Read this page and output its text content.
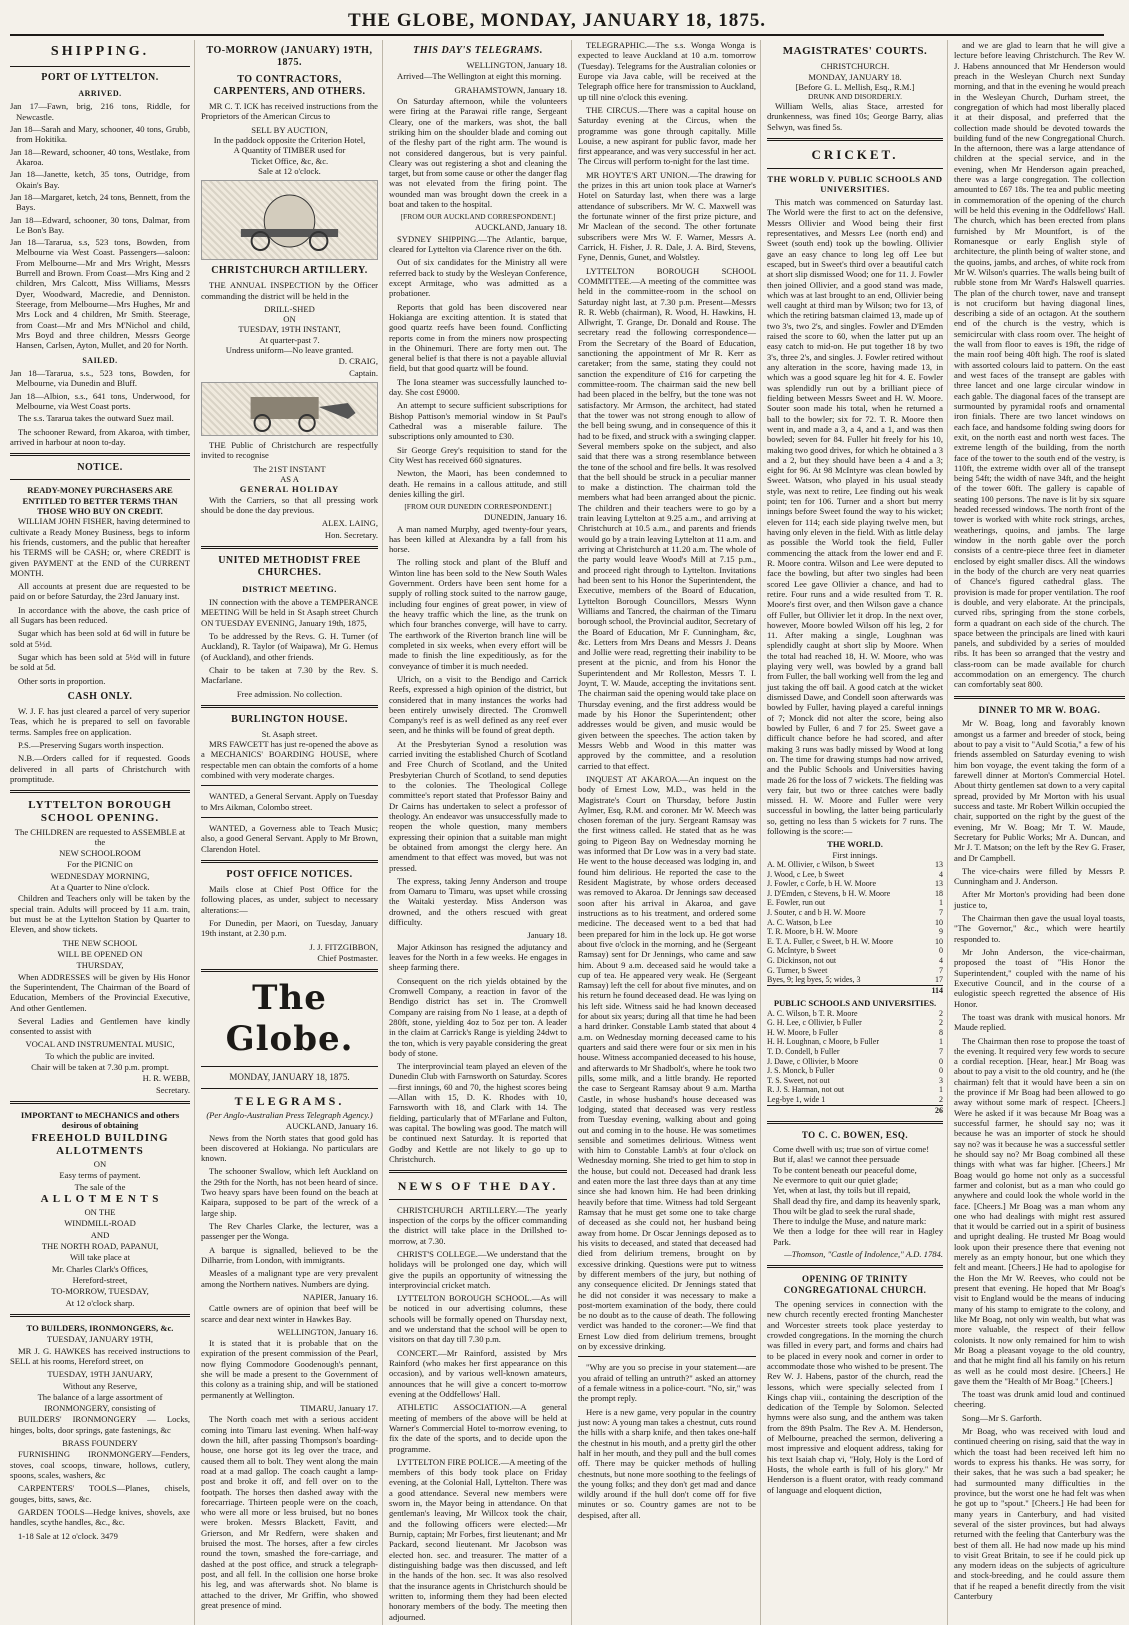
THE GLOBE, MONDAY, JANUARY 18, 1875.
SHIPPING.
PORT OF LYTTELTON.
ARRIVED.
Jan 17—Fawn, brig, 216 tons, Riddle, for Newcastle.
Jan 18—Sarah and Mary, schooner, 40 tons, Grubb, from Hokitika.
Jan 18—Reward, schooner, 40 tons, Westlake, from Akaroa.
Jan 18—Janette, ketch, 35 tons, Outridge, from Okain's Bay.
Jan 18—Margaret, ketch, 24 tons, Bennett, from the Bays.
Jan 18—Edward, schooner, 30 tons, Dalmar, from Le Bon's Bay.
Jan 18—Tararua, s.s, 523 tons, Bowden, from Melbourne via West Coast. Passengers—saloon: From Melbourne—Mr and Mrs Wright, Messrs Burrell and Brown. From Coast—Mrs King and 2 children, Mrs Calcott, Miss Williams, Messrs Dyer, Woodward, Macredie, and Denniston. Steerage, from Melbourne—Mrs Hughes, Mr and Mrs Lock and 4 children, Mr Smith. Steerage, from Coast—Mr and Mrs M'Nichol and child, Mrs Boyd and three children, Messrs George Hansen, Carlsen, Ayton, Mullet, and 20 for North.
SAILED.
Jan 18—Tararua, s.s., 523 tons, Bowden, for Melbourne, via Dunedin and Bluff.
Jan 18—Albion, s.s., 641 tons, Underwood, for Melbourne, via West Coast ports.
The s.s. Tararua takes the outward Suez mail.
The schooner Reward, from Akaroa, with timber, arrived in harbour at noon to-day.
NOTICE.
READY-MONEY PURCHASERS ARE ENTITLED TO BETTER TERMS THAN THOSE WHO BUY ON CREDIT.
WILLIAM JOHN FISHER, having determined to cultivate a Ready Money Business, begs to inform his friends, customers, and the public that hereafter his TERMS will be CASH; or, where CREDIT is given PAYMENT at the END of the CURRENT MONTH.
All accounts at present due are requested to be paid on or before Saturday, the 23rd January inst.
In accordance with the above, the cash price of all Sugars has been reduced.
Sugar which has been sold at 6d will in future be sold at 5½d.
Sugar which has been sold at 5½d will in future be sold at 5d.
Other sorts in proportion.
CASH ONLY.
W. J. F. has just cleared a parcel of very superior Teas, which he is prepared to sell on favorable terms. Samples free on application.
P.S.—Preserving Sugars worth inspection.
N.B.—Orders called for if requested. Goods delivered in all parts of Christchurch with promptitude.
LYTTELTON BOROUGH SCHOOL OPENING.
The CHILDREN are requested to ASSEMBLE at the
NEW SCHOOLROOM
For the PICNIC on
WEDNESDAY MORNING,
At a Quarter to Nine o'clock.
Children and Teachers only will be taken by the special train. Adults will proceed by 11 a.m. train, but must be at the Lyttelton Station by Quarter to Eleven, and show tickets.
THE NEW SCHOOL
WILL BE OPENED ON
THURSDAY,
When ADDRESSES will be given by His Honor the Superintendent, The Chairman of the Board of Education, Members of the Provincial Executive, And other Gentlemen.
Several Ladies and Gentlemen have kindly consented to assist with
VOCAL AND INSTRUMENTAL MUSIC,
To which the public are invited.
Chair will be taken at 7.30 p.m. prompt.
H. R. WEBB,
Secretary.
IMPORTANT to MECHANICS and others desirous of obtaining
FREEHOLD BUILDING ALLOTMENTS
ON
Easy terms of payment.
The sale of the
A L L O T M E N T S
ON THE
WINDMILL-ROAD
AND
THE NORTH ROAD, PAPANUI,
Will take place at
Mr. Charles Clark's Offices,
Hereford-street,
TO-MORROW, TUESDAY,
At 12 o'clock sharp.
TO BUILDERS, IRONMONGERS, &c.
TUESDAY, JANUARY 19TH,
MR J. G. HAWKES has received instructions to SELL at his rooms, Hereford street, on
TUESDAY, 19TH JANUARY,
Without any Reserve,
The balance of a large assortment of
IRONMONGERY, consisting of
BUILDERS' IRONMONGERY — Locks, hinges, bolts, door springs, gate fastenings, &c
BRASS FOUNDERY
FURNISHING IRONMONGERY—Fenders, stoves, coal scoops, tinware, hollows, cutlery, spoons, scales, washers, &c
CARPENTERS' TOOLS—Planes, chisels, gouges, bitts, saws, &c.
GARDEN TOOLS—Hedge knives, shovels, axe handles, scythe handles, &c., &c.
1-18 Sale at 12 o'clock. 3479
TO-MORROW (JANUARY) 19TH, 1875.
TO CONTRACTORS, CARPENTERS, AND OTHERS.
MR C. T. ICK has received instructions from the Proprietors of the American Circus to
SELL BY AUCTION,
In the paddock opposite the Criterion Hotel,
A Quantity of TIMBER used for
Ticket Office, &c, &c.
Sale at 12 o'clock.
CHRISTCHURCH ARTILLERY.
THE ANNUAL INSPECTION by the Officer commanding the district will be held in the
DRILL-SHED
ON
TUESDAY, 19TH INSTANT,
At quarter-past 7.
Undress uniform—No leave granted.
D. CRAIG,
Captain.
THE Public of Christchurch are respectfully invited to recognise
The 21ST INSTANT
AS A
GENERAL HOLIDAY
With the Carriers, so that all pressing work should be done the day previous.
ALEX. LAING,
Hon. Secretary.
UNITED METHODIST FREE CHURCHES.
DISTRICT MEETING.
IN connection with the above a TEMPERANCE MEETING Will be held in St Asaph street Church ON TUESDAY EVENING, January 19th, 1875,
To be addressed by the Revs. G. H. Turner (of Auckland), R. Taylor (of Waipawa), Mr G. Hemus (of Auckland), and other friends.
Chair to be taken at 7.30 by the Rev. S. Macfarlane.
Free admission. No collection.
BURLINGTON HOUSE.
St. Asaph street.
MRS FAWCETT has just re-opened the above as a MECHANICS' BOARDING HOUSE, where respectable men can obtain the comforts of a home combined with very moderate charges.
WANTED, a General Servant. Apply on Tuesday to Mrs Aikman, Colombo street.
WANTED, a Governess able to Teach Music; also, a good General Servant. Apply to Mr Brown, Clarendon Hotel.
POST OFFICE NOTICES.
Mails close at Chief Post Office for the following places, as under, subject to necessary alterations:—
For Dunedin, per Maori, on Tuesday, January 19th instant, at 2.30 p.m.
J. J. FITZGIBBON,
Chief Postmaster.
The Globe.
MONDAY, JANUARY 18, 1875.
TELEGRAMS.
(Per Anglo-Australian Press Telegraph Agency.)
AUCKLAND, January 16.
News from the North states that good gold has been discovered at Hokianga. No particulars are known.
The schooner Swallow, which left Auckland on the 29th for the North, has not been heard of since. Two heavy spars have been found on the beach at Kaipara, supposed to be part of the wreck of a large ship.
The Rev Charles Clarke, the lecturer, was a passenger per the Wonga.
A barque is signalled, believed to be the Dilharrie, from London, with immigrants.
Measles of a malignant type are very prevalent among the Northern natives. Numbers are dying.
NAPIER, January 16.
Cattle owners are of opinion that beef will be scarce and dear next winter in Hawkes Bay.
WELLINGTON, January 16.
It is stated that it is probable that on the expiration of the present commission of the Pearl, now flying Commodore Goodenough's pennant, she will be made a present to the Government of this colony as a training ship, and will be stationed permanently at Wellington.
TIMARU, January 17.
The North coach met with a serious accident coming into Timaru last evening. When half-way down the hill, after passing Thompson's boarding-house, one horse got its leg over the trace, and caused them all to bolt. They went along the main road at a mad gallop. The coach caught a lamp-post and broke it off, and fell over on to the footpath. The horses then dashed away with the forecarriage. Thirteen people were on the coach, who were all more or less bruised, but no bones were broken. Messrs Blackett, Favitt, and Grierson, and Mr Redfern, were shaken and bruised the most. The horses, after a few circles round the town, smashed the fore-carriage, and dashed at the post office, and struck a telegraph-post, and all fell. In the collision one horse broke his leg, and was afterwards shot. No blame is attached to the driver, Mr Griffin, who showed great presence of mind.
THIS DAY'S TELEGRAMS.
WELLINGTON, January 18.
Arrived—The Wellington at eight this morning.
GRAHAMSTOWN, January 18.
On Saturday afternoon, while the volunteers were firing at the Parawai rifle range, Sergeant Cleary, one of the markers, was shot, the ball striking him on the shoulder blade and coming out of the fleshy part of the right arm. The wound is not considered dangerous, but is very painful. Cleary was out registering a shot and cleaning the target, but from some cause or other the danger flag was not elevated from the firing point. The wounded man was brought down the creek in a boat and taken to the hospital.
[FROM OUR AUCKLAND CORRESPONDENT.]
AUCKLAND, January 18.
SYDNEY SHIPPING.—The Atlantic, barque, cleared for Lyttelton via Clarence river on the 6th.
Out of six candidates for the Ministry all were referred back to study by the Wesleyan Conference, except Armitage, who was admitted as a probationer.
Reports that gold has been discovered near Hokianga are exciting attention. It is stated that good quartz reefs have been found. Conflicting reports come in from the miners now prospecting in the Ohinemuri. There are forty men out. The general belief is that there is not a payable alluvial field, but that good quartz will be found.
The Iona steamer was successfully launched to-day. She cost £9000.
An attempt to secure sufficient subscriptions for Bishop Pattison's memorial window in St Paul's Cathedral was a miserable failure. The subscriptions only amounted to £30.
Sir George Grey's requisition to stand for the City West has received 660 signatures.
Newton, the Maori, has been condemned to death. He remains in a callous attitude, and still denies killing the girl.
[FROM OUR DUNEDIN CORRESPONDENT.]
DUNEDIN, January 16.
A man named Murphy, aged twenty-four years, has been killed at Alexandra by a fall from his horse.
The rolling stock and plant of the Bluff and Winton line has been sold to the New South Wales Government. Orders have been sent home for a supply of rolling stock suited to the narrow gauge, including four engines of great power, in view of the heavy traffic which the line, as the trunk on which four branches converge, will have to carry. The earthwork of the Riverton branch line will be completed in six weeks, when every effort will be made to finish the line expeditiously, as for the conveyance of timber it is much needed.
Ulrich, on a visit to the Bendigo and Carrick Reefs, expressed a high opinion of the district, but considered that in many instances the works had been entirely unwisely directed. The Cromwell Company's reef is as well defined as any reef ever seen, and he thinks will be found of great depth.
At the Presbyterian Synod a resolution was carried inviting the established Church of Scotland and Free Church of Scotland, and the United Presbyterian Church of Scotland, to send deputies to the colonies. The Theological College committee's report stated that Professor Bainy and Dr Cairns has undertaken to select a professor of theology. An endeavor was unsuccessfully made to reopen the whole question, many members expressing their opinion that a suitable man might be obtained from amongst the clergy here. An amendment to that effect was moved, but was not pressed.
The express, taking Jenny Anderson and troupe from Oamaru to Timaru, was upset while crossing the Waitaki yesterday. Miss Anderson was drowned, and the others rescued with great difficulty.
January 18.
Major Atkinson has resigned the adjutancy and leaves for the North in a few weeks. He engages in sheep farming there.
Consequent on the rich yields obtained by the Cromwell Company, a reaction in favor of the Bendigo district has set in. The Cromwell Company are raising from No 1 lease, at a depth of 280ft, stone, yielding 4oz to 5oz per ton. A leader in the claim at Carrick's Range is yielding 24dwt to the ton, which is very payable considering the great body of stone.
The interprovincial team played an eleven of the Dunedin Club with Farnsworth on Saturday. Scores—first innings, 60 and 70, the highest scores being—Allan with 15, D. K. Rhodes with 10, Farnsworth with 18, and Clark with 14. The fielding, particularly that of M'Farlane and Fulton, was capital. The bowling was good. The match will be continued next Saturday. It is reported that Godby and Kettle are not likely to go up to Christchurch.
NEWS OF THE DAY.
CHRISTCHURCH ARTILLERY.—The yearly inspection of the corps by the officer commanding the district will take place in the Drillshed to-morrow, at 7.30.
CHRIST'S COLLEGE.—We understand that the holidays will be prolonged one day, which will give the pupils an opportunity of witnessing the interprovincial cricket match.
LYTTELTON BOROUGH SCHOOL.—As will be noticed in our advertising columns, these schools will be formally opened on Thursday next, and we understand that the school will be open to visitors on that day till 7.30 p.m.
CONCERT.—Mr Rainford, assisted by Mrs Rainford (who makes her first appearance on this occasion), and by various well-known amateurs, announces that he will give a concert to-morrow evening at the Oddfellows' Hall.
ATHLETIC ASSOCIATION.—A general meeting of members of the above will be held at Warner's Commercial Hotel to-morrow evening, to fix the date of the sports, and to decide upon the programme.
LYTTELTON FIRE POLICE.—A meeting of the members of this body took place on Friday evening, at the Colonial Hall, Lyttelton. There was a good attendance. Several new members were sworn in, the Mayor being in attendance. On that gentleman's leaving, Mr Willcox took the chair, and the following officers were elected:—Mr Burnip, captain; Mr Forbes, first lieutenant; and Mr Packard, second lieutenant. Mr Jacobson was elected hon. sec. and treasurer. The matter of a distinguishing badge was then discussed, and left in the hands of the hon. sec. It was also resolved that the insurance agents in Christchurch should be written to, informing them they had been elected honorary members of the body. The meeting then adjourned.
TELEGRAPHIC.—The s.s. Wonga Wonga is expected to leave Auckland at 10 a.m. tomorrow (Tuesday). Telegrams for the Australian colonies or Europe via Java cable, will be received at the Telegraph office here for transmission to Auckland, up till nine o'clock this evening.
THE CIRCUS.—There was a capital house on Saturday evening at the Circus, when the programme was gone through capitally. Mille Louise, a new aspirant for public favor, made her first appearance, and was very successful in her act. The Circus will perform to-night for the last time.
MR HOYTE'S ART UNION.—The drawing for the prizes in this art union took place at Warner's Hotel on Saturday last, when there was a large attendance of subscribers. Mr W. C. Maxwell was the fortunate winner of the first prize picture, and Mr Maclean of the second. The other fortunate subscribers were Mrs W. F. Warner, Messrs A. Carrick, H. Fisher, J. R. Dale, J. A. Bird, Stevens, Fyne, Dennis, Gunet, and Wolstley.
LYTTELTON BOROUGH SCHOOL COMMITTEE.—A meeting of the committee was held in the committee-room in the school on Saturday night last, at 7.30 p.m. Present—Messrs R. R. Webb (chairman), R. Wood, H. Hawkins, H. Allwright, T. Grange, Dr. Donald and Rouse. The secretary read the following correspondence—From the Secretary of the Board of Education, sanctioning the appointment of Mr R. Kerr as caretaker; from the same, stating they could not sanction the expenditure of £16 for carpeting the committee-room. The chairman said the new bell had been placed in the belfry, but the tone was not satisfactory. Mr Armson, the architect, had stated that the tower was not strong enough to allow of the bell being swung, and in consequence of this it had to be fixed, and struck with a swinging clapper. Several members spoke on the subject, and also said that there was a strong resemblance between the tone of the school and fire bells. It was resolved that the bell should be struck in a peculiar manner to make a distinction. The chairman told the members what had been arranged about the picnic. The children and their teachers were to go by a train leaving Lyttelton at 9.25 a.m., and arriving at Christchurch at 10.5 a.m., and parents and friends would go by a train leaving Lyttelton at 11 a.m. and arriving at Christchurch at 11.20 a.m. The whole of the party would leave Wood's Mill at 7.15 p.m., and proceed right through to Lyttelton. Invitations had been sent to his Honor the Superintendent, the Executive, members of the Board of Education, Lyttelton Borough Councillors, Messrs Wynn Williams and Tancred, the chairman of the Timaru borough school, the Provincial auditor, Secretary of the Board of Education, Mr F. Cunningham, &c, &c. Letters from Mrs Deans and Messrs J. Deans and Jollie were read, regretting their inability to be present at the picnic, and from his Honor the Superintendent and Mr Rolleston, Messrs T. I. Joynt, T. W. Maude, accepting the invitations sent. The chairman said the opening would take place on Thursday evening, and the first address would be made by his Honor the Superintendent; other addresses would be given, and music would be given between the speeches. The action taken by Messrs Webb and Wood in this matter was approved by the committee, and a resolution carried to that effect.
INQUEST AT AKAROA.—An inquest on the body of Ernest Low, M.D., was held in the Magistrate's Court on Thursday, before Justin Aylmer, Esq, R.M. and coroner. Mr W. Meech was chosen foreman of the jury. Sergeant Ramsay was the first witness called. He stated that as he was going to Pigeon Bay on Wednesday morning he was informed that Dr Low was in a very bad state. He went to the house deceased was lodging in, and found him delirious. He reported the case to the Resident Magistrate, by whose orders deceased was removed to Akaroa. Dr Jennings saw deceased soon after his arrival in Akaroa, and gave instructions as to his treatment, and ordered some medicine. The deceased went to a bed that had been prepared for him in the lock up. He got worse about five o'clock in the morning, and he (Sergeant Ramsay) sent for Dr Jennings, who came and saw him. About 9 a.m. deceased said he would take a cup of tea. He appeared very weak. He (Sergeant Ramsay) left the cell for about five minutes, and on his return he found deceased dead. He was lying on his left side. Witness said he had known deceased for about six years; during all that time he had been a hard drinker. Constable Lamb stated that about 4 a.m. on Wednesday morning deceased came to his quarters and said there were four or six men in his house. Witness accompanied deceased to his house, and afterwards to Mr Shadbolt's, where he took two pills, some milk, and a little brandy. He reported the case to Sergeant Ramsay about 9 a.m. Martha Castle, in whose husband's house deceased was lodging, stated that deceased was very restless from Tuesday evening, walking about and going out and coming in to the house. He was sometimes sensible and sometimes delirious. Witness went with him to Constable Lamb's at four o'clock on Wednesday morning. She tried to get him to stop in the house, but could not. Deceased had drank less and eaten more the last three days than at any time since she had known him. He had been drinking heavily before that time. Witness had told Sergeant Ramsay that he must get some one to take charge of deceased as she could not, her husband being away from home. Dr Oscar Jennings deposed as to his visits to deceased, and stated that deceased had died from delirium tremens, brought on by excessive drinking. Questions were put to witness by different members of the jury, but nothing of any consequence elicited. Dr Jennings stated that he did not consider it was necessary to make a post-mortem examination of the body, there could be no doubt as to the cause of death. The following verdict was handed to the coroner:—We find that Ernest Low died from delirium tremens, brought on by excessive drinking.
"Why are you so precise in your statement—are you afraid of telling an untruth?" asked an attorney of a female witness in a police-court. "No, sir," was the prompt reply.
Here is a new game, very popular in the country just now: A young man takes a chestnut, cuts round the hills with a sharp knife, and then takes one-half the chestnut in his mouth, and a pretty girl the other half in her mouth, and they pull and the bull comes off. There may be quicker methods of hulling chestnuts, but none more soothing to the feelings of the young folks; and they don't get mad and dance wildly around if the hull don't come off for five minutes or so. Country games are not to be despised, after all.
MAGISTRATES' COURTS.
CHRISTCHURCH.
MONDAY, JANUARY 18.
[Before G. L. Mellish, Esq., R.M.]
DRUNK AND DISORDERLY.
William Wells, alias Stace, arrested for drunkenness, was fined 10s; George Barry, alias Selwyn, was fined 5s.
CRICKET.
THE WORLD V. PUBLIC SCHOOLS AND UNIVERSITIES.
This match was commenced on Saturday last. The World were the first to act on the defensive, Messrs Ollivier and Wood being their first representatives, and Messrs Lee (north end) and Sweet (south end) took up the bowling. Ollivier gave an easy chance to long leg off Lee but escaped, but in Sweet's third over a beautiful catch at short slip dismissed Wood; one for 11. J. Fowler then joined Ollivier, and a good stand was made, which was at last brought to an end, Ollivier being well caught at third man by Wilson; two for 13, of which the retiring batsman claimed 13, made up of two 3's, two 2's, and singles. Fowler and D'Emden raised the score to 60, when the latter put up an easy catch to mid-on. He put together 18 by two 3's, three 2's, and singles. J. Fowler retired without any alteration in the score, having made 13, in which was a good square leg hit for 4. E. Fowler was splendidly run out by a brilliant piece of fielding between Messrs Sweet and H. W. Moore. Souter soon made his total, when he returned a ball to the bowler; six for 72. T. R. Moore then went in, and made a 3, a 4, and a 1, and was then bowled; seven for 84. Fuller hit freely for his 10, making two good drives, for which he obtained a 3 and a 2, but they should have been a 4 and a 3; eight for 96. At 98 McIntyre was clean bowled by Sweet. Watson, who played in his usual steady style, was next to retire, Lee finding out his weak point; ten for 106. Turner and a short but merry innings before Sweet found the way to his wicket; eleven for 114; each side playing twelve men, but having only eleven in the field. With as little delay as possible the World took the field, Fuller commencing the attack from the lower end and F. R. Moore contra. Wilson and Lee were deputed to face the bowling, but after two singles had been scored Lee gave Ollivier a chance, and had to retire. Four runs and a wide resulted from T. R. Moore's first over, and then Wilson gave a chance off Fuller, but Ollivier let it drop. In the next over, however, Moore bowled Wilson off his leg, 2 for 11. After making a single, Loughnan was splendidly caught at short slip by Moore. When the total had reached 18, H. W. Moore, who was playing very well, was bowled by a grand ball from Fuller, the ball working well from the leg and just taking the off bail. A good catch at the wicket dismissed Dawe, and Condell soon afterwards was bowled by Fuller, having played a careful innings of 7; Monck did not alter the score, being also bowled by Fuller, 6 and 7 for 25. Sweet gave a difficult chance before he had scored, and after making 3 runs was badly missed by Wood at long on. The time for drawing stumps had now arrived, and the Public Schools and Universities having made 26 for the loss of 7 wickets. The fielding was very fair, but two or three catches were badly missed. H. W. Moore and Fuller were very successful in bowling, the latter being particularly so, getting no less than 5 wickets for 7 runs. The following is the score:—
THE WORLD.
First innings.
A. M. Ollivier, c Wilson, b Sweet	13
J. Wood, c Lee, b Sweet	4
J. Fowler, c Corfe, b H. W. Moore	13
J. D'Emden, c Stevens, b H. W. Moore	18
E. Fowler, run out	1
J. Souter, c and b H. W. Moore	7
A. C. Watson, b Lee	10
T. R. Moore, b H. W. Moore	9
E. T. A. Fuller, c Sweet, b H. W. Moore	10
G. McIntyre, b Sweet	0
G. Dickinson, not out	4
G. Turner, b Sweet	7
Byes, 9; leg byes, 5; wides, 3	17
	114
PUBLIC SCHOOLS AND UNIVERSITIES.
A. C. Wilson, b T. R. Moore	2
G. H. Lee, c Ollivier, b Fuller	2
H. W. Moore, b Fuller	8
H. H. Loughnan, c Moore, b Fuller	1
T. D. Condell, b Fuller	7
J. Dawe, c Ollivier, b Moore	0
J. S. Monck, b Fuller	0
T. S. Sweet, not out	3
R. J. S. Harman, not out	1
Leg-bye 1, wide 1	2
	26
TO C. C. BOWEN, ESQ.

Come dwell with us; true son of virtue come!

But if, alas! we cannot thee persuade

To be content beneath our peaceful dome,

Ne evermore to quit our quiet glade;

Yet, when at last, thy toils but ill repaid,

Shall dead thy fire, and damp its heavenly spark,

Thou wilt be glad to seek the rural shade,

There to indulge the Muse, and nature mark:

We then a lodge for thee will rear in Hagley Park.

—Thomson, "Castle of Indolence," A.D. 1784.
OPENING OF TRINITY CONGREGATIONAL CHURCH.
The opening services in connection with the new church recently erected fronting Manchester and Worcester streets took place yesterday to crowded congregations. In the morning the church was filled in every part, and forms and chairs had to be placed in every nook and corner in order to accommodate those who wished to be present. The Rev W. J. Habens, pastor of the church, read the lessons, which were specially selected from I Kings chap viii., containing the description of the dedication of the Temple by Solomon. Selected hymns were also sung, and the anthem was taken from the 89th Psalm. The Rev A. M. Henderson, of Melbourne, preached the sermon, delivering a most impressive and eloquent address, taking for his text Isaiah chap vi, "Holy, Holy is the Lord of Hosts, the whole earth is full of his glory." Mr Henderson is a fluent orator, with ready command of language and eloquent diction,
and we are glad to learn that he will give a lecture before leaving Christchurch. The Rev W. J. Habens announced that Mr Henderson would preach in the Wesleyan Church next Sunday morning, and that in the evening he would preach in the Wesleyan Church, Durham street, the congregation of which had most liberally placed it at their disposal, and preferred that the collection made should be devoted towards the building fund of the new Congregational Church. In the afternoon, there was a large attendance of children at the special service, and in the evening, when Mr Henderson again preached, there was a large congregation. The collection amounted to £67 18s. The tea and public meeting in commemoration of the opening of the church will be held this evening in the Oddfellows' Hall. The church, which has been erected from plans furnished by Mr Mountfort, is of the Romanesque or early English style of architecture, the plinth being of walter stone, and the quoins, jambs, and arches, of white rock from Mr W. Wilson's quarries. The walls being built of rubble stone from Mr Ward's Halswell quarries. The plan of the church tower, nave and transept is not cruciform but having diagonal lines, describing a side of an octagon. At the southern end of the church is the vestry, which is semicircular with class room over. The height of the wall from floor to eaves is 19ft, the ridge of the main roof being 40ft high. The roof is slated with assorted colours laid to pattern. On the east and west faces of the transept are gables with three lancet and one large circular window in each gable. The diagonal faces of the transept are surmounted by pyramidal roofs and ornamental iron finials. There are two lancet windows on each face, and handsome folding swing doors for exit, on the north east and north west faces. The extreme length of the building, from the north face of the tower to the south end of the vestry, is 110ft, the extreme width over all of the transept being 54ft; the width of nave 34ft, and the height of the tower 60ft. The gallery is capable of seating 100 persons. The nave is lit by six square headed recessed windows. The north front of the tower is worked with white rock strings, arches, weatherings, quoins, and jambs. The large window in the north gable over the porch consists of a centre-piece three feet in diameter enclosed by eight smaller discs. All the windows in the body of the church are very neat quarries of Chance's figured cathedral glass. The provision is made for proper ventilation. The roof is double, and very elaborate. At the principals, curved ribs, springing from the stone corbels, form a quadrant on each side of the church. The space between the principals are lined with kauri panels, and subdivided by a series of moulded ribs. It has been so arranged that the vestry and class-room can be made available for church accommodation on an emergency. The church can comfortably seat 800.
DINNER TO MR W. BOAG.
Mr W. Boag, long and favorably known amongst us a farmer and breeder of stock, being about to pay a visit to "Auld Scotia," a few of his friends assembled on Saturday evening to wish him bon voyage, the event taking the form of a farewell dinner at Morton's Commercial Hotel. About thirty gentlemen sat down to a very capital spread, provided by Mr Morton with his usual success and taste. Mr Robert Wilkin occupied the chair, supported on the right by the guest of the evening, Mr W. Boag; Mr T. W. Maude, Secretary for Public Works; Mr A. Duncan, and Mr J. T. Matson; on the left by the Rev G. Fraser, and Dr Campbell.
The vice-chairs were filled by Messrs P. Cunningham and J. Anderson.
After Mr Morton's providing had been done justice to,
The Chairman then gave the usual loyal toasts, "The Governor," &c., which were heartily responded to.
Mr John Anderson, the vice-chairman, proposed the toast of "His Honor the Superintendent," coupled with the name of his Executive Council, and in the course of a eulogistic speech regretted the absence of His Honor.
The toast was drank with musical honors. Mr Maude replied.
The Chairman then rose to propose the toast of the evening. It required very few words to secure a cordial reception. [Hear, hear.] Mr Boag was about to pay a visit to the old country, and he (the chairman) felt that it would have been a sin on the province if Mr Boag had been allowed to go away without some mark of respect. [Cheers.] Were he asked if it was because Mr Boag was a successful farmer, he should say no; was it because he was an importer of stock he should say no? was it because he was a successful settler he should say no? Mr Boag combined all these things with what was far higher. [Cheers.] Mr Boag would go home not only as a successful farmer and colonist, but as a man who could go anywhere and could look the whole world in the face. [Cheers.] Mr Boag was a man whom any one who had dealings with might rest assured that it would be carried out in a spirit of business and upright dealing. He trusted Mr Boag would look upon their presence there that evening not merely as an empty honour, but one which they felt and meant. [Cheers.] He had to apologise for the Hon the Mr W. Reeves, who could not be present that evening. He hoped that Mr Boag's visit to England would be the means of inducing many of his stamp to emigrate to the colony, and like Mr Boag, not only win wealth, but what was more valuable, the respect of their fellow colonists. It now only remained for him to wish Mr Boag a pleasant voyage to the old country, and that he might find all his family on his return as well as he could most desire. [Cheers.] He gave them the "Health of Mr Boag." [Cheers.]
The toast was drunk amid loud and continued cheering.
Song—Mr S. Garforth.
Mr Boag, who was received with loud and continued cheering on rising, said that the way in which the toast had been received left him no words to express his thanks. He was sorry, for their sakes, that he was such a bad speaker; he had surmounted many difficulties in the province, but the worst one he had felt was when he got up to "spout." [Cheers.] He had been for many years in Canterbury, and had visited several of the sister provinces, but had always returned with the feeling that Canterbury was the best of them all. He had now made up his mind to visit Great Britain, to see if he could pick up any modern ideas on the subjects of agriculture and stock-breeding, and he could assure them that if he reaped a benefit directly from the visit Canterbury
